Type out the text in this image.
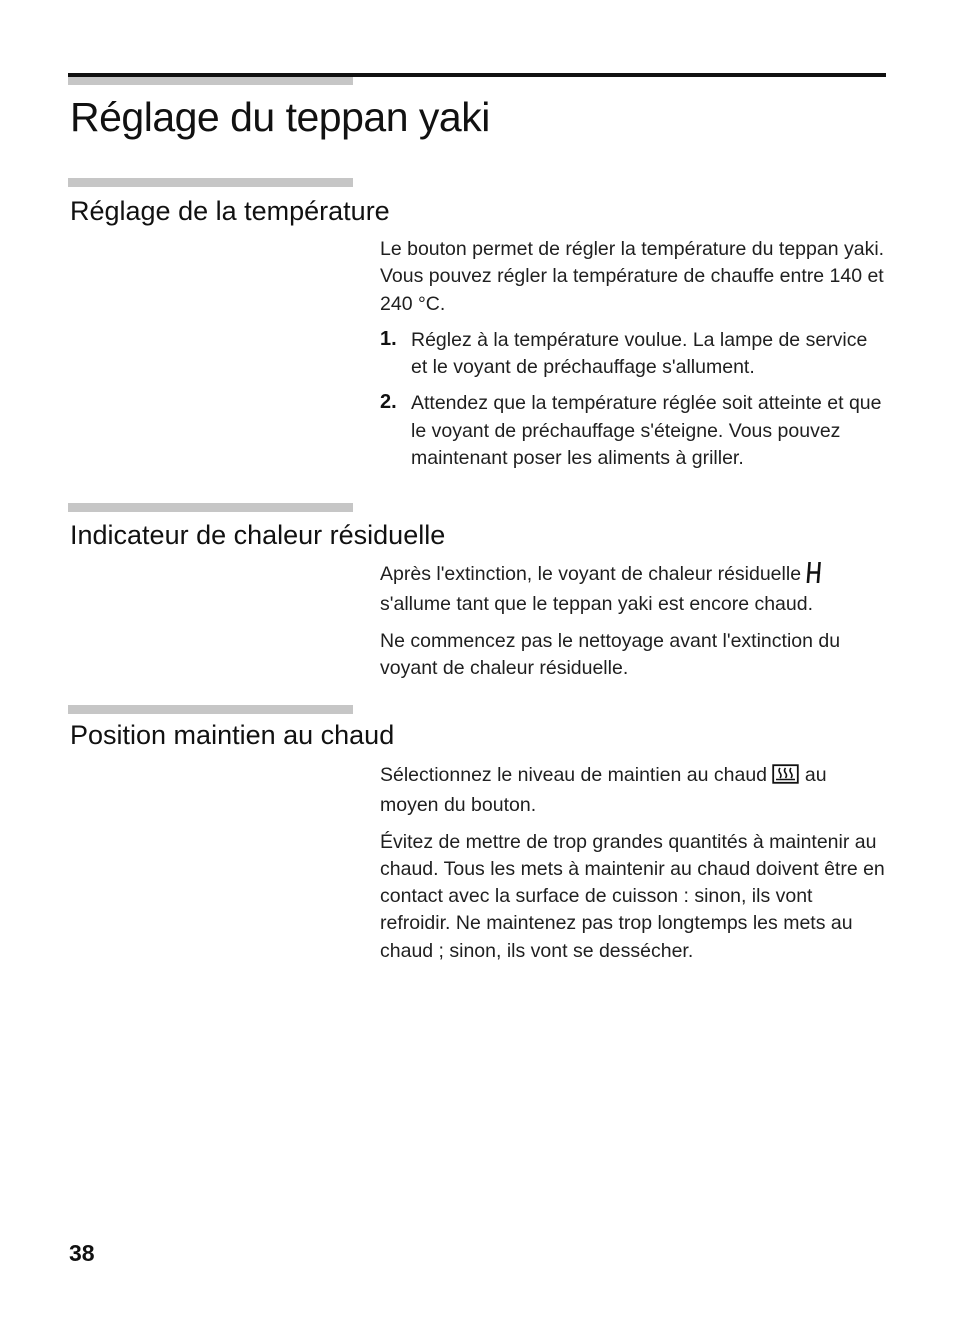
Réglage du teppan yaki
Réglage de la température

Le bouton permet de régler la température du teppan yaki. Vous pouvez régler la température de chauffe entre 140 et 240 °C.

1. Réglez à la température voulue. La lampe de service et le voyant de préchauffage s'allument.
2. Attendez que la température réglée soit atteinte et que le voyant de préchauffage s'éteigne. Vous pouvez maintenant poser les aliments à griller.
Indicateur de chaleur résiduelle

Après l'extinction, le voyant de chaleur résiduelle  s'allume tant que le teppan yaki est encore chaud.

Ne commencez pas le nettoyage avant l'extinction du voyant de chaleur résiduelle.

Position maintien au chaud

Sélectionnez le niveau de maintien au chaud  au moyen du bouton.

Évitez de mettre de trop grandes quantités à maintenir au chaud. Tous les mets à maintenir au chaud doivent être en contact avec la surface de cuisson : sinon, ils vont refroidir. Ne maintenez pas trop longtemps les mets au chaud ; sinon, ils vont se dessécher.

38
